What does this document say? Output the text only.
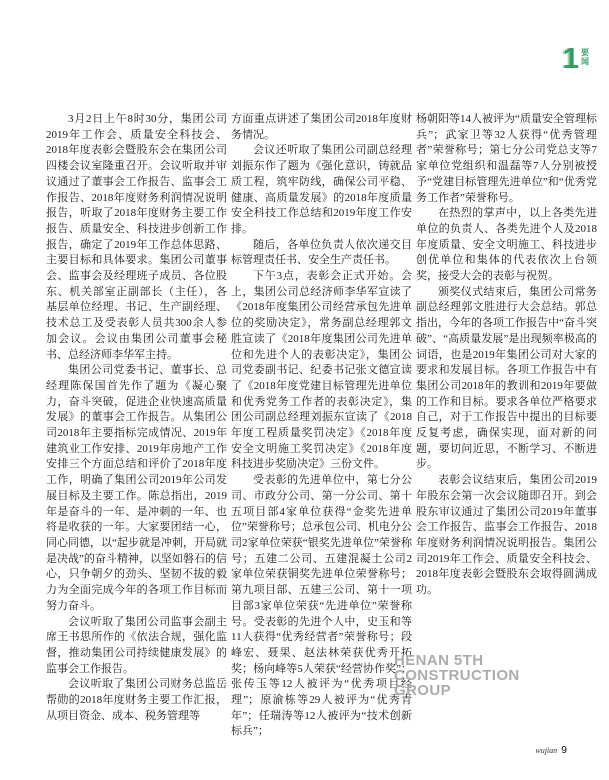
1 要
闻

3月2日上午8时30分，集团公司2019年工作会、质量安全科技会、2018年度表彰会暨股东会在集团公司四楼会议室隆重召开。会议听取并审议通过了董事会工作报告、监事会工作报告、2018年度财务利润情况说明报告，听取了2018年度财务主要工作报告、质量安全、科技进步创新工作报告，确定了2019年工作总体思路、主要目标和具体要求。集团公司董事会、监事会及经理班子成员、各位股东、机关部室正副部长（主任），各基层单位经理、书记、生产副经理、技术总工及受表彰人员共300余人参加会议。会议由集团公司董事会秘书、总经济师李华军主持。

集团公司党委书记、董事长、总经理陈保国首先作了题为《凝心聚力，奋斗突破，促进企业快速高质量发展》的董事会工作报告。从集团公司2018年主要指标完成情况、2019年建筑业工作安排、2019年房地产工作安排三个方面总结和评价了2018年度工作，明确了集团公司2019年公司发展目标及主要工作。陈总指出，2019年是奋斗的一年、是冲刺的一年、也将是收获的一年。大家要团结一心，同心同德，以“起步就是冲刺，开局就是决战”的奋斗精神，以坚如磐石的信心，只争朝夕的劲头、坚韧不拔的毅力为全面完成今年的各项工作目标而努力奋斗。

会议听取了集团公司监事会副主席王书思所作的《依法合规，强化监督，推动集团公司持续健康发展》的监事会工作报告。

会议听取了集团公司财务总监岳帮勋的2018年度财务主要工作汇报，从项目资金、成本、税务管理等

方面重点讲述了集团公司2018年度财务情况。

会议还听取了集团公司副总经理刘振东作了题为《强化意识，铸就品质工程，筑牢防线，确保公司平稳、健康、高质量发展》的2018年度质量安全科技工作总结和2019年度工作安排。

随后，各单位负责人依次递交目标管理责任书、安全生产责任书。

下午3点，表彰会正式开始。会上，集团公司总经济师李华军宣读了《2018年度集团公司经营承包先进单位的奖励决定》，常务副总经理郭文胜宣读了《2018年度集团公司先进单位和先进个人的表彰决定》，集团公司党委副书记、纪委书记张文德宣读了《2018年度党建目标管理先进单位和优秀党务工作者的表彰决定》，集团公司副总经理刘振东宣读了《2018年度工程质量奖罚决定》《2018年度安全文明施工奖罚决定》《2018年度科技进步奖励决定》三份文件。

受表彰的先进单位中，第七分公司、市政分公司、第一分公司、第十五项目部4家单位获得“金奖先进单位”荣誉称号；总承包公司、机电分公司2家单位荣获“银奖先进单位”荣誉称号；五建二公司、五建混凝土公司2家单位荣获铜奖先进单位荣誉称号；第九项目部、五建三公司、第十一项目部3家单位荣获“先进单位”荣誉称号。受表彰的先进个人中，史玉和等11人获得“优秀经营者”荣誉称号；段峰宏、聂果、赵法林荣获优秀开拓奖；杨向峰等5人荣获“经营协作奖”；张传玉等12人被评为“优秀项目经理”；原渝栋等29人被评为“优秀青年”；任瑞涛等12人被评为“技术创新标兵”；

杨朝阳等14人被评为“质量安全管理标兵”；武家卫等32人获得“优秀管理者”荣誉称号；第七分公司党总支等7家单位党组织和温磊等7人分别被授予“党建目标管理先进单位”和“优秀党务工作者”荣誉称号。

在热烈的掌声中，以上各类先进单位的负责人、各类先进个人及2018年度质量、安全文明施工、科技进步创优单位和集体的代表依次上台领奖，接受大会的表彰与祝贺。

颁奖仪式结束后，集团公司常务副总经理郭文胜进行大会总结。郭总指出，今年的各项工作报告中“奋斗突破”、“高质量发展”是出现频率极高的词语，也是2019年集团公司对大家的要求和发展目标。各项工作报告中有集团公司2018年的教训和2019年要做的工作和目标。要求各单位严格要求自己，对于工作报告中提出的目标要反复考虑，确保实现，面对新的问题，要切问近思，不断学习、不断进步。

表彰会议结束后，集团公司2019年股东会第一次会议随即召开。到会股东审议通过了集团公司2019年董事会工作报告、监事会工作报告、2018年度财务利润情况说明报告。集团公司2019年工作会、质量安全科技会、2018年度表彰会暨股东会取得圆满成功。

HENAN 5TH
CONSTRUCTION
GROUP
wujian 9
